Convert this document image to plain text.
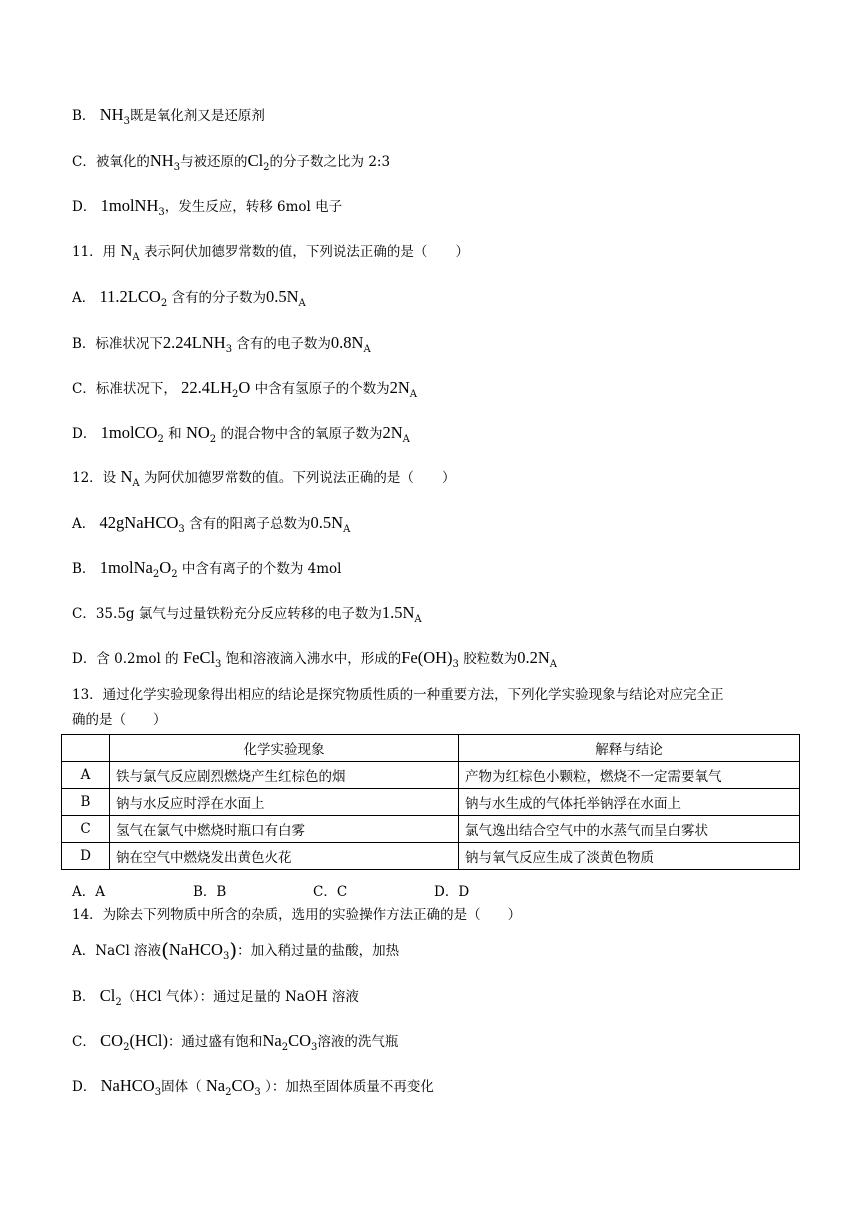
B． $NH_3$既是氧化剂又是还原剂
C．被氧化的$NH_3$与被还原的$Cl_2$的分子数之比为 2:3
D． 1molNH$_3$，发生反应，转移 6mol 电子
11．用 $N_A$ 表示阿伏加德罗常数的值，下列说法正确的是（ ）
A． $11.2LCO_2$ 含有的分子数为$0.5N_A$
B．标准状况下$2.24LNH_3$ 含有的电子数为$0.8N_A$
C．标准状况下， $22.4LH_2O$ 中含有氢原子的个数为$2N_A$
D． 1molCO$_2$ 和 $NO_2$ 的混合物中含的氧原子数为$2N_A$
12．设 $N_A$ 为阿伏加德罗常数的值。下列说法正确的是（ ）
A． 42gNaHCO$_3$ 含有的阳离子总数为$0.5N_A$
B． $1molNa_2O_2$ 中含有离子的个数为 4mol
C．35.5g 氯气与过量铁粉充分反应转移的电子数为$1.5N_A$
D．含 0.2mol 的 FeCl$_3$ 饱和溶液滴入沸水中，形成的$Fe(OH)_3$ 胶粒数为$0.2N_A$
13．通过化学实验现象得出相应的结论是探究物质性质的一种重要方法，下列化学实验现象与结论对应完全正
确的是（　　）
	化学实验现象	解释与结论
A	铁与氯气反应剧烈燃烧产生红棕色的烟	产物为红棕色小颗粒，燃烧不一定需要氧气
B	钠与水反应时浮在水面上	钠与水生成的气体托举钠浮在水面上
C	氢气在氯气中燃烧时瓶口有白雾	氯气逸出结合空气中的水蒸气而呈白雾状
D	钠在空气中燃烧发出黄色火花	钠与氧气反应生成了淡黄色物质
A．A	B．B	C．C	D．D
14．为除去下列物质中所含的杂质，选用的实验操作方法正确的是（　　）
A．NaCl 溶液(NaHCO$_3$)：加入稍过量的盐酸，加热
B． $Cl_2(HCl$ 气体）：通过足量的 NaOH 溶液
C． $CO_2(HCl)$：通过盛有饱和$Na_2CO_3$溶液的洗气瓶
D． NaHCO$_3$固体（ $Na_2CO_3$ ）：加热至固体质量不再变化
